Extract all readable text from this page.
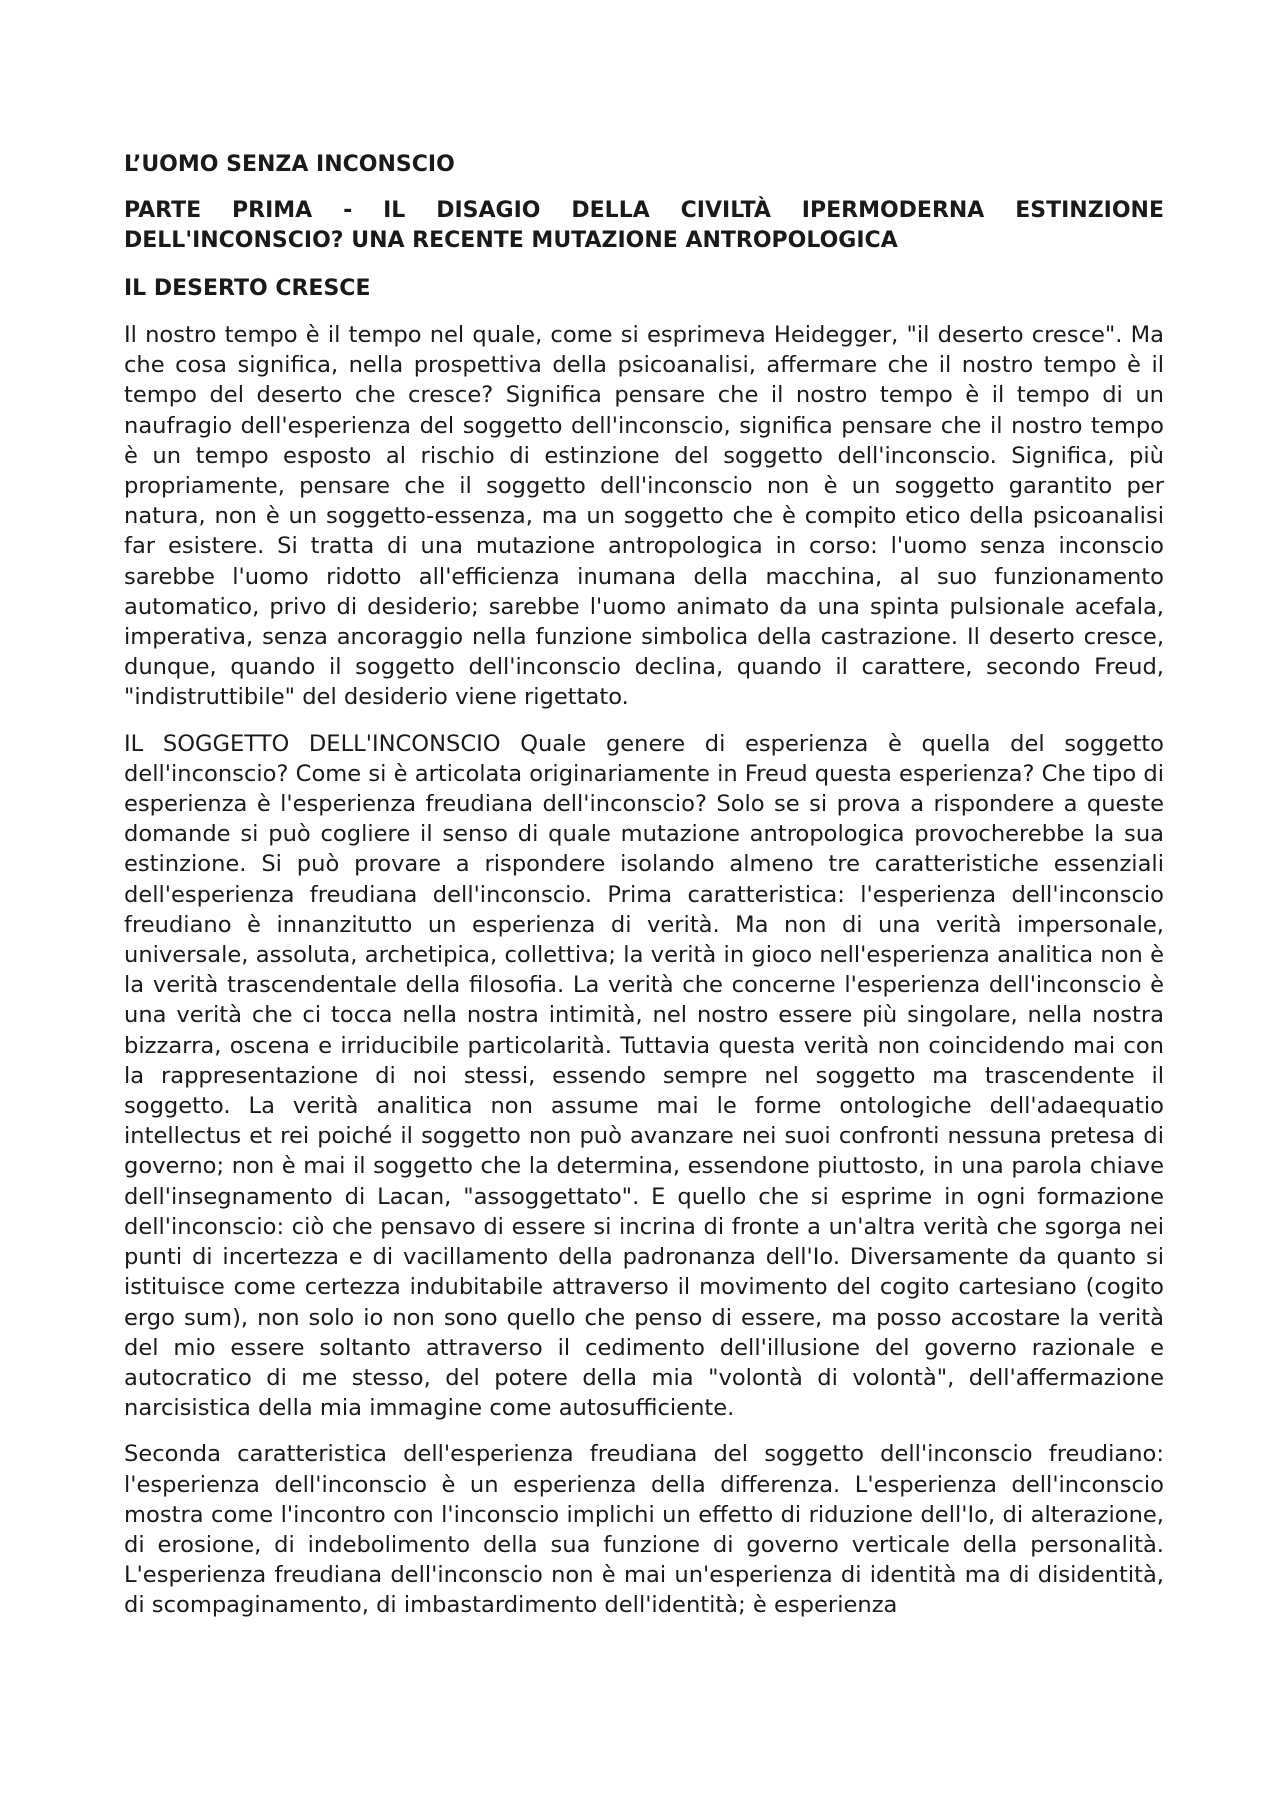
L’UOMO SENZA INCONSCIO
PARTE PRIMA - IL DISAGIO DELLA CIVILTÀ IPERMODERNA ESTINZIONE DELL'INCONSCIO? UNA RECENTE MUTAZIONE ANTROPOLOGICA
IL DESERTO CRESCE

Il nostro tempo è il tempo nel quale, come si esprimeva Heidegger, "il deserto cresce". Ma che cosa significa, nella prospettiva della psicoanalisi, affermare che il nostro tempo è il tempo del deserto che cresce? Significa pensare che il nostro tempo è il tempo di un naufragio dell'esperienza del soggetto dell'inconscio, significa pensare che il nostro tempo è un tempo esposto al rischio di estinzione del soggetto dell'inconscio. Significa, più propriamente, pensare che il soggetto dell'inconscio non è un soggetto garantito per natura, non è un soggetto-essenza, ma un soggetto che è compito etico della psicoanalisi far esistere. Si tratta di una mutazione antropologica in corso: l'uomo senza inconscio sarebbe l'uomo ridotto all'efficienza inumana della macchina, al suo funzionamento automatico, privo di desiderio; sarebbe l'uomo animato da una spinta pulsionale acefala, imperativa, senza ancoraggio nella funzione simbolica della castrazione. Il deserto cresce, dunque, quando il soggetto dell'inconscio declina, quando il carattere, secondo Freud, "indistruttibile" del desiderio viene rigettato.

IL SOGGETTO DELL'INCONSCIO Quale genere di esperienza è quella del soggetto dell'inconscio? Come si è articolata originariamente in Freud questa esperienza? Che tipo di esperienza è l'esperienza freudiana dell'inconscio? Solo se si prova a rispondere a queste domande si può cogliere il senso di quale mutazione antropologica provocherebbe la sua estinzione. Si può provare a rispondere isolando almeno tre caratteristiche essenziali dell'esperienza freudiana dell'inconscio. Prima caratteristica: l'esperienza dell'inconscio freudiano è innanzitutto un esperienza di verità. Ma non di una verità impersonale, universale, assoluta, archetipica, collettiva; la verità in gioco nell'esperienza analitica non è la verità trascendentale della filosofia. La verità che concerne l'esperienza dell'inconscio è una verità che ci tocca nella nostra intimità, nel nostro essere più singolare, nella nostra bizzarra, oscena e irriducibile particolarità. Tuttavia questa verità non coincidendo mai con la rappresentazione di noi stessi, essendo sempre nel soggetto ma trascendente il soggetto. La verità analitica non assume mai le forme ontologiche dell'adaequatio intellectus et rei poiché il soggetto non può avanzare nei suoi confronti nessuna pretesa di governo; non è mai il soggetto che la determina, essendone piuttosto, in una parola chiave dell'insegnamento di Lacan, "assoggettato". E quello che si esprime in ogni formazione dell'inconscio: ciò che pensavo di essere si incrina di fronte a un'altra verità che sgorga nei punti di incertezza e di vacillamento della padronanza dell'Io. Diversamente da quanto si istituisce come certezza indubitabile attraverso il movimento del cogito cartesiano (cogito ergo sum), non solo io non sono quello che penso di essere, ma posso accostare la verità del mio essere soltanto attraverso il cedimento dell'illusione del governo razionale e autocratico di me stesso, del potere della mia "volontà di volontà", dell'affermazione narcisistica della mia immagine come autosufficiente.

Seconda caratteristica dell'esperienza freudiana del soggetto dell'inconscio freudiano: l'esperienza dell'inconscio è un esperienza della differenza. L'esperienza dell'inconscio mostra come l'incontro con l'inconscio implichi un effetto di riduzione dell'Io, di alterazione, di erosione, di indebolimento della sua funzione di governo verticale della personalità. L'esperienza freudiana dell'inconscio non è mai un'esperienza di identità ma di disidentità, di scompaginamento, di imbastardimento dell'identità; è esperienza
